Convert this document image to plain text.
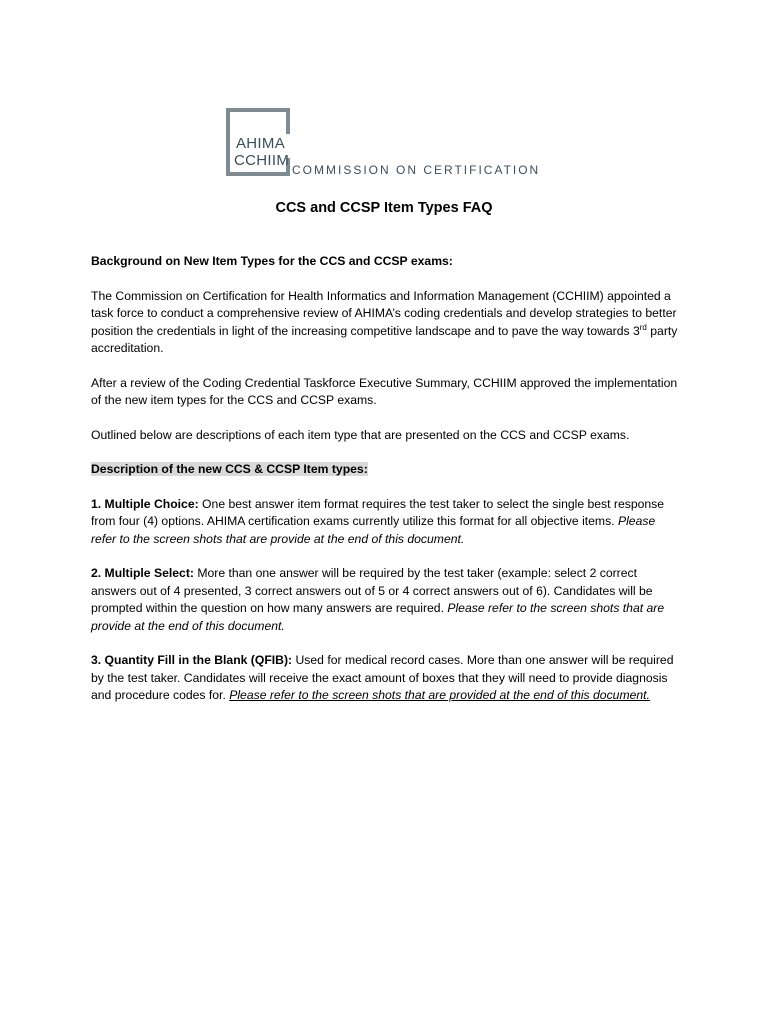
AHIMA
CCHIIM
COMMISSION ON CERTIFICATION
CCS and CCSP Item Types FAQ

Background on New Item Types for the CCS and CCSP exams:

The Commission on Certification for Health Informatics and Information Management (CCHIIM) appointed a task force to conduct a comprehensive review of AHIMA’s coding credentials and develop strategies to better position the credentials in light of the increasing competitive landscape and to pave the way towards 3rd party accreditation.

After a review of the Coding Credential Taskforce Executive Summary, CCHIIM approved the implementation of the new item types for the CCS and CCSP exams.

Outlined below are descriptions of each item type that are presented on the CCS and CCSP exams.

Description of the new CCS & CCSP Item types:

1. Multiple Choice: One best answer item format requires the test taker to select the single best response from four (4) options. AHIMA certification exams currently utilize this format for all objective items. Please refer to the screen shots that are provide at the end of this document.

2. Multiple Select: More than one answer will be required by the test taker (example: select 2 correct answers out of 4 presented, 3 correct answers out of 5 or 4 correct answers out of 6). Candidates will be prompted within the question on how many answers are required. Please refer to the screen shots that are provide at the end of this document.

3. Quantity Fill in the Blank (QFIB): Used for medical record cases. More than one answer will be required by the test taker. Candidates will receive the exact amount of boxes that they will need to provide diagnosis and procedure codes for. Please refer to the screen shots that are provided at the end of this document.
